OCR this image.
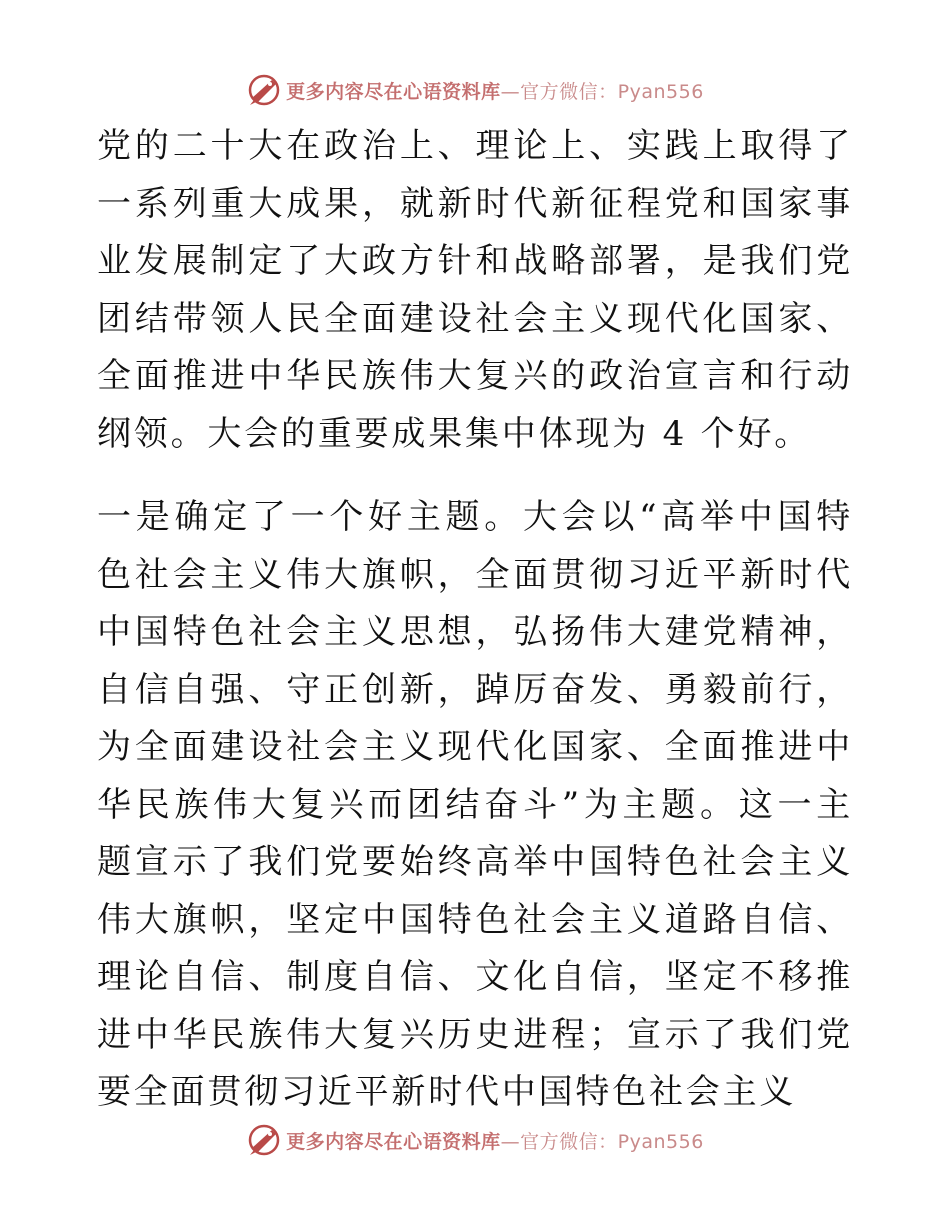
更多内容尽在心语资料库—官方微信：Pyan556

党的二十大在政治上、理论上、实践上取得了一系列重大成果，就新时代新征程党和国家事业发展制定了大政方针和战略部署，是我们党团结带领人民全面建设社会主义现代化国家、全面推进中华民族伟大复兴的政治宣言和行动纲领。大会的重要成果集中体现为 4 个好。

一是确定了一个好主题。大会以“高举中国特色社会主义伟大旗帜，全面贯彻习近平新时代中国特色社会主义思想，弘扬伟大建党精神，自信自强、守正创新，踔厉奋发、勇毅前行，为全面建设社会主义现代化国家、全面推进中华民族伟大复兴而团结奋斗”为主题。这一主题宣示了我们党要始终高举中国特色社会主义伟大旗帜，坚定中国特色社会主义道路自信、理论自信、制度自信、文化自信，坚定不移推进中华民族伟大复兴历史进程；宣示了我们党要全面贯彻习近平新时代中国特色社会主义

更多内容尽在心语资料库—官方微信：Pyan556
